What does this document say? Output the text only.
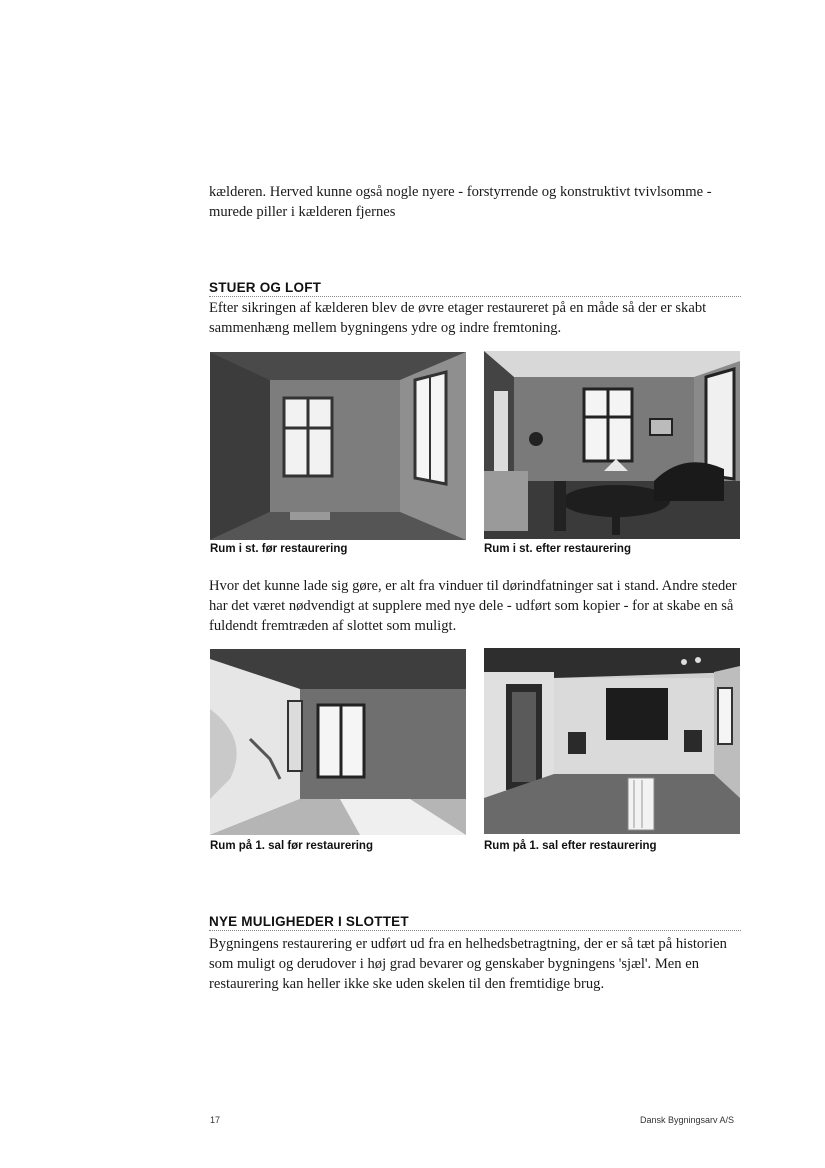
kælderen. Herved kunne også nogle nyere - forstyrrende og konstruktivt tvivlsomme - murede piller i kælderen fjernes

STUER OG LOFT

Efter sikringen af kælderen blev de øvre etager restaureret på en måde så der er skabt sammenhæng mellem bygningens ydre og indre fremtoning.

Rum i st. før restaurering	Rum i st. efter restaurering

Hvor det kunne lade sig gøre, er alt fra vinduer til dørindfatninger sat i stand. Andre steder har det været nødvendigt at supplere med nye dele - udført som kopier - for at skabe en så fuldendt fremtræden af slottet som muligt.

Rum på 1. sal før restaurering	Rum på 1. sal efter restaurering
NYE MULIGHEDER I SLOTTET

Bygningens restaurering er udført ud fra en helhedsbetragtning, der er så tæt på historien som muligt og derudover i høj grad bevarer og genskaber bygningens 'sjæl'. Men en restaurering kan heller ikke ske uden skelen til den fremtidige brug.

17	Dansk Bygningsarv A/S
